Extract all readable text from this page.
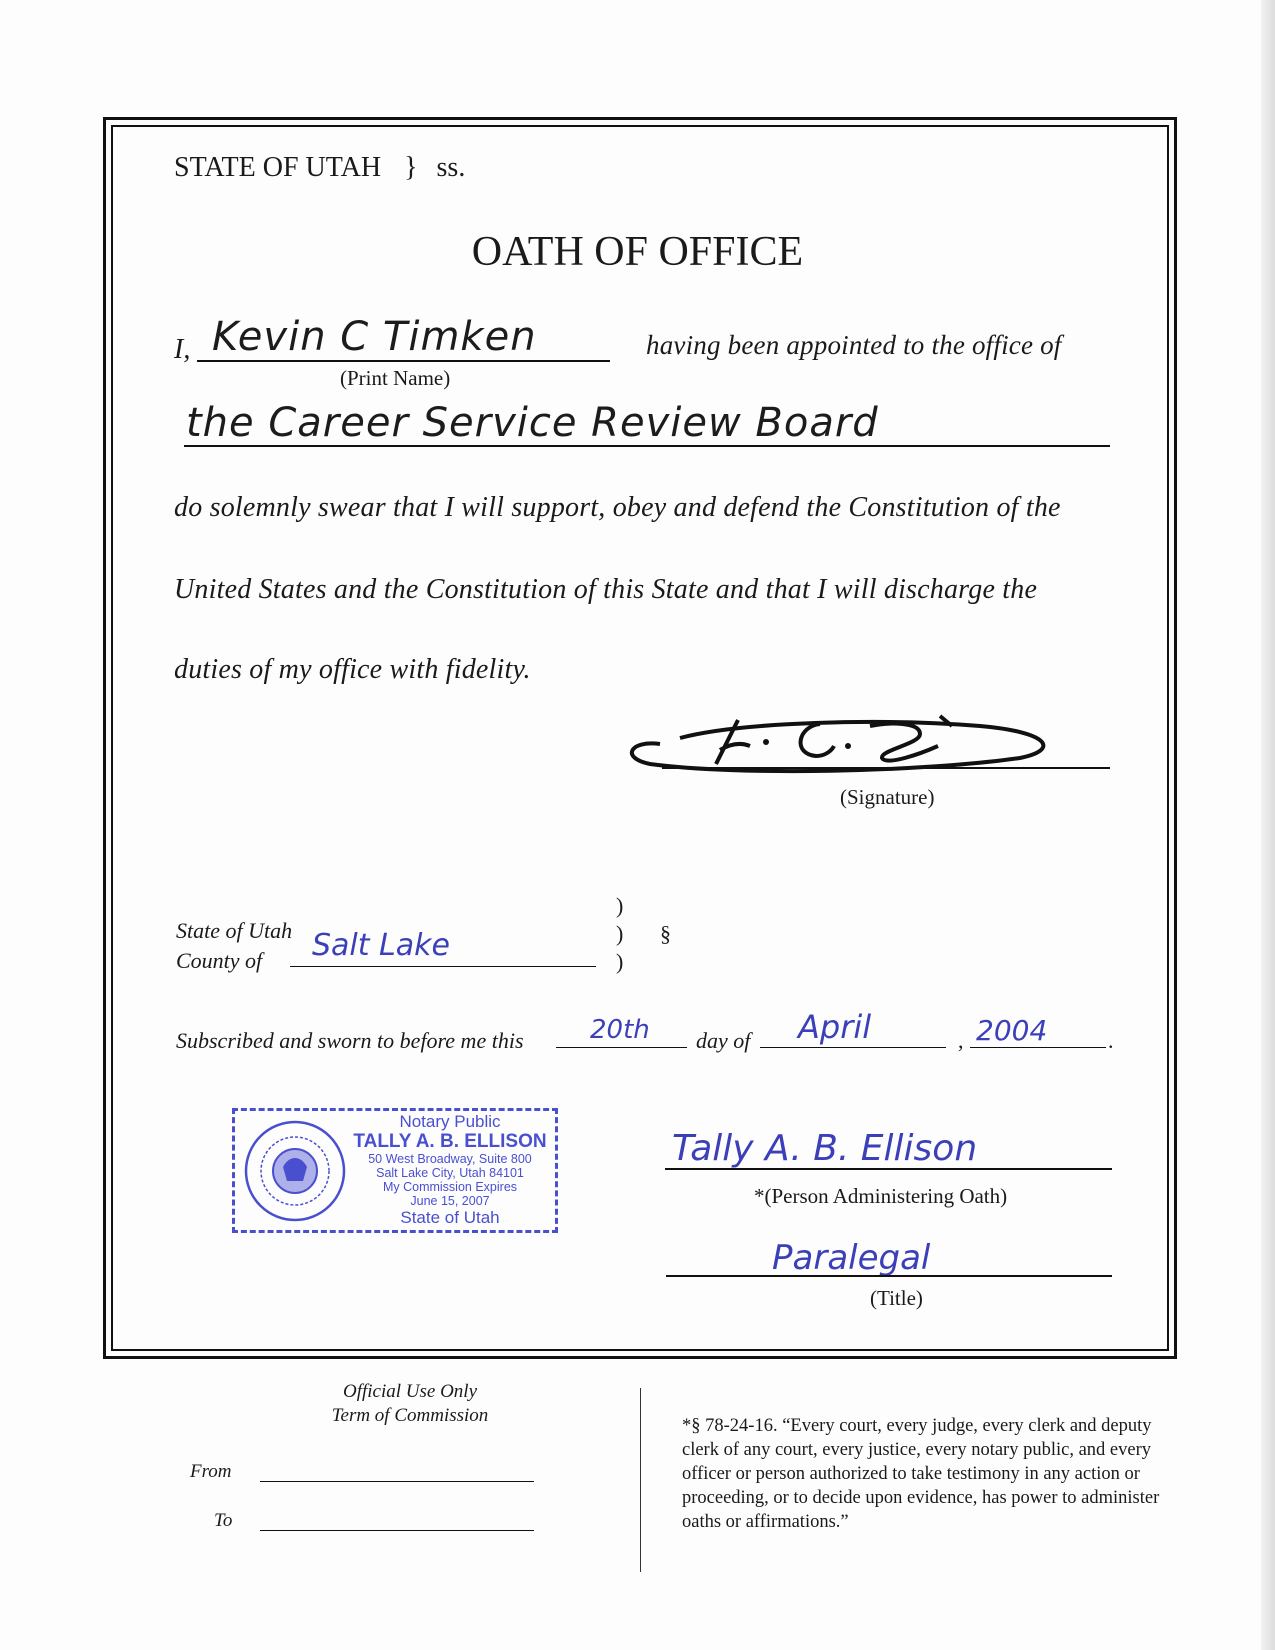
STATE OF UTAH } ss.
OATH OF OFFICE
I, Kevin C Timken
(Print Name)
having been appointed to the office of
the Career Service Review Board
do solemnly swear that I will support, obey and defend the Constitution of the
United States and the Constitution of this State and that I will discharge the
duties of my office with fidelity.
(Signature)
State of Utah
County of Salt Lake
)
)
)
§
Subscribed and sworn to before me this	20th day of April	, 2004	.
Notary Public
TALLY A. B. ELLISON
50 West Broadway, Suite 800
Salt Lake City, Utah 84101
My Commission Expires
June 15, 2007
State of Utah
Tally A. B. Ellison
*(Person Administering Oath)
Paralegal
(Title)
Official Use Only
Term of Commission
From
To
*§ 78-24-16. “Every court, every judge, every clerk and deputy clerk of any court, every justice, every notary public, and every officer or person authorized to take testimony in any action or proceeding, or to decide upon evidence, has power to administer oaths or affirmations.”
